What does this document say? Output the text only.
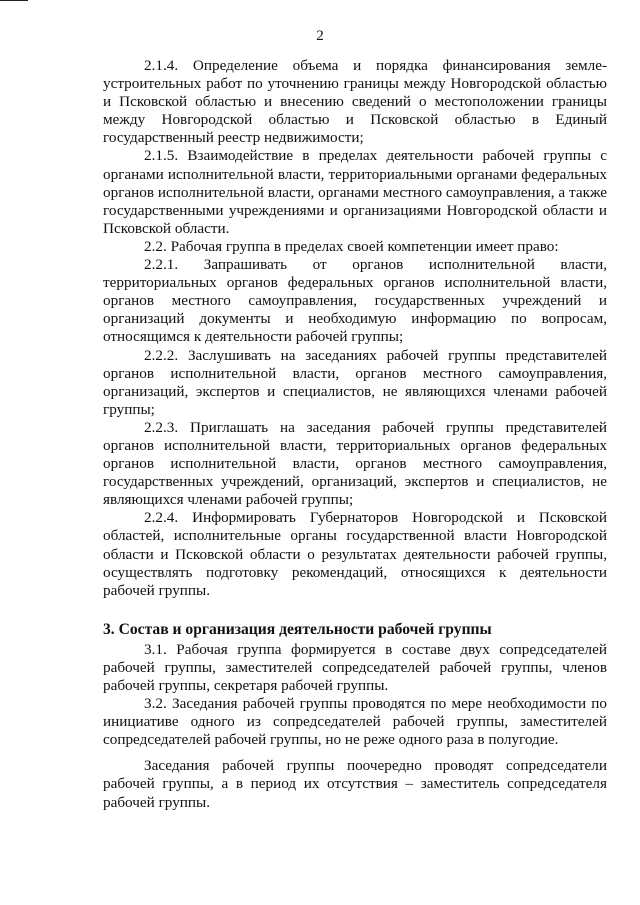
2

2.1.4. Определение объема и порядка финансирования земле-устроительных работ по уточнению границы между Новгородской областью и Псковской областью и внесению сведений о местоположении границы между Новгородской областью и Псковской областью в Единый государственный реестр недвижимости;

2.1.5. Взаимодействие в пределах деятельности рабочей группы с органами исполнительной власти, территориальными органами федеральных органов исполнительной власти, органами местного самоуправления, а также государственными учреждениями и организациями Новгородской области и Псковской области.

2.2. Рабочая группа в пределах своей компетенции имеет право:

2.2.1. Запрашивать от органов исполнительной власти, территориальных органов федеральных органов исполнительной власти, органов местного самоуправления, государственных учреждений и организаций документы и необходимую информацию по вопросам, относящимся к деятельности рабочей группы;

2.2.2. Заслушивать на заседаниях рабочей группы представителей органов исполнительной власти, органов местного самоуправления, организаций, экспертов и специалистов, не являющихся членами рабочей группы;

2.2.3. Приглашать на заседания рабочей группы представителей органов исполнительной власти, территориальных органов федеральных органов исполнительной власти, органов местного самоуправления, государственных учреждений, организаций, экспертов и специалистов, не являющихся членами рабочей группы;

2.2.4. Информировать Губернаторов Новгородской и Псковской областей, исполнительные органы государственной власти Новгородской области и Псковской области о результатах деятельности рабочей группы, осуществлять подготовку рекомендаций, относящихся к деятельности рабочей группы.

3. Состав и организация деятельности рабочей группы

3.1. Рабочая группа формируется в составе двух сопредседателей рабочей группы, заместителей сопредседателей рабочей группы, членов рабочей группы, секретаря рабочей группы.

3.2. Заседания рабочей группы проводятся по мере необходимости по инициативе одного из сопредседателей рабочей группы, заместителей сопредседателей рабочей группы, но не реже одного раза в полугодие.

Заседания рабочей группы поочередно проводят сопредседатели рабочей группы, а в период их отсутствия – заместитель сопредседателя рабочей группы.
